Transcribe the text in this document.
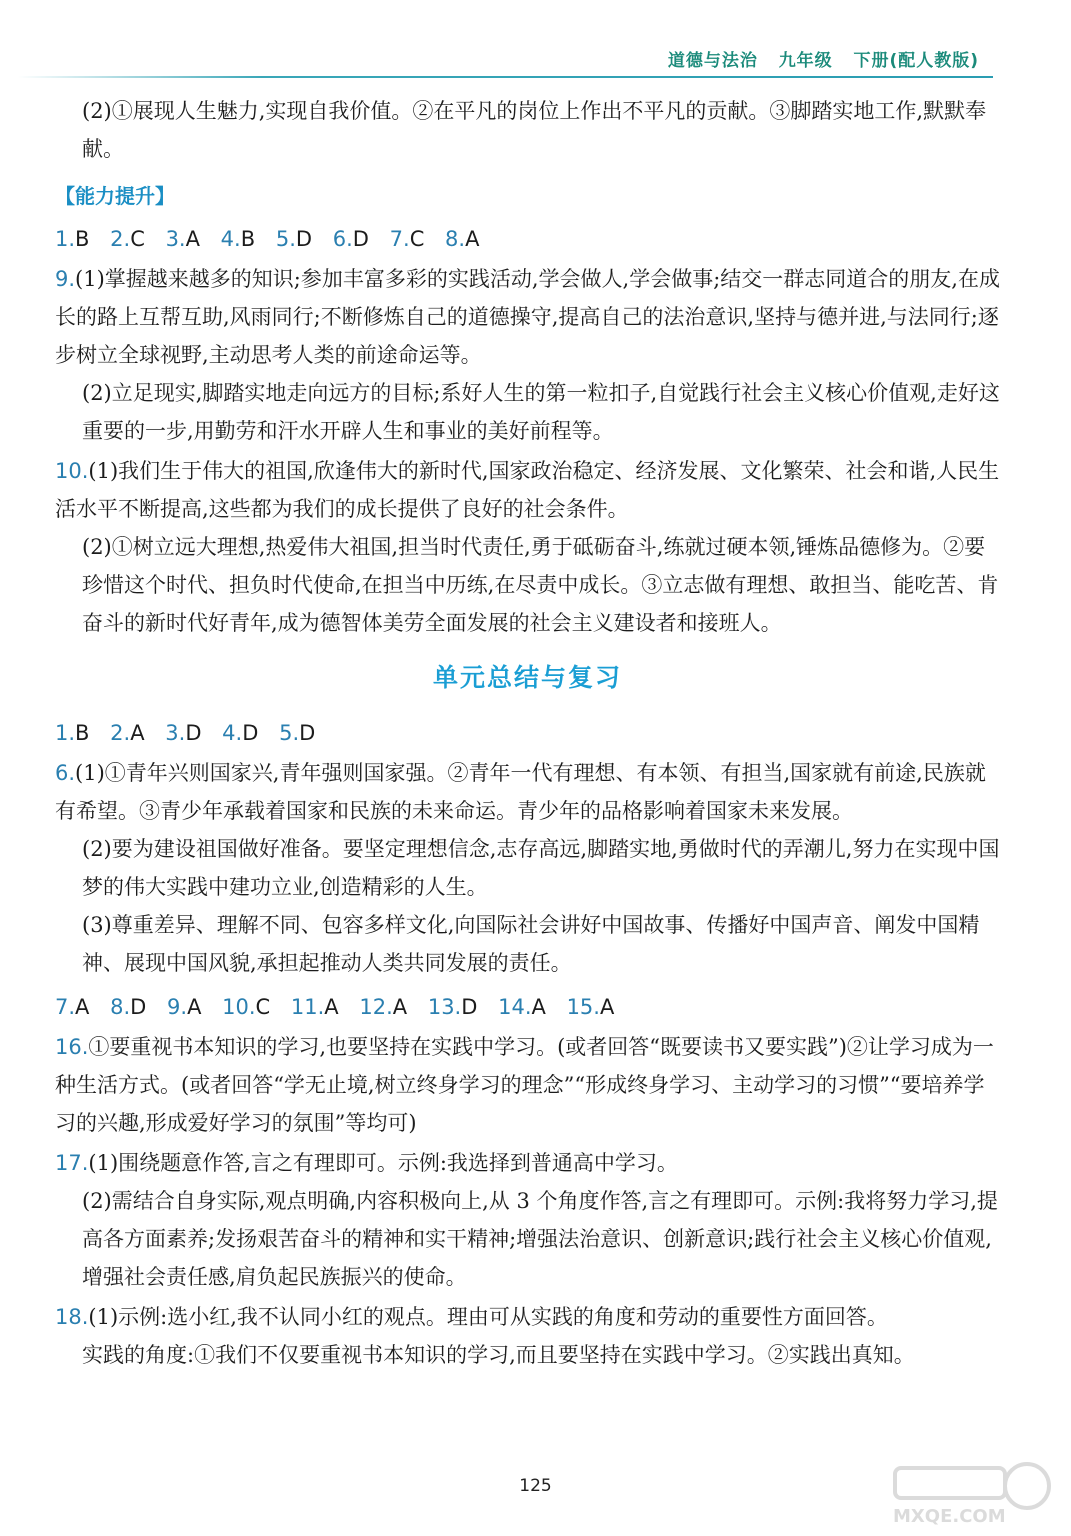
道德与法治 九年级 下册(配人教版)

(2)①展现人生魅力,实现自我价值。②在平凡的岗位上作出不平凡的贡献。③脚踏实地工作,默默奉献。

【能力提升】
1.B 2.C 3.A 4.B 5.D 6.D 7.C 8.A

9.(1)掌握越来越多的知识;参加丰富多彩的实践活动,学会做人,学会做事;结交一群志同道合的朋友,在成长的路上互帮互助,风雨同行;不断修炼自己的道德操守,提高自己的法治意识,坚持与德并进,与法同行;逐步树立全球视野,主动思考人类的前途命运等。

(2)立足现实,脚踏实地走向远方的目标;系好人生的第一粒扣子,自觉践行社会主义核心价值观,走好这重要的一步,用勤劳和汗水开辟人生和事业的美好前程等。

10.(1)我们生于伟大的祖国,欣逢伟大的新时代,国家政治稳定、经济发展、文化繁荣、社会和谐,人民生活水平不断提高,这些都为我们的成长提供了良好的社会条件。

(2)①树立远大理想,热爱伟大祖国,担当时代责任,勇于砥砺奋斗,练就过硬本领,锤炼品德修为。②要珍惜这个时代、担负时代使命,在担当中历练,在尽责中成长。③立志做有理想、敢担当、能吃苦、肯奋斗的新时代好青年,成为德智体美劳全面发展的社会主义建设者和接班人。

单元总结与复习
1.B 2.A 3.D 4.D 5.D

6.(1)①青年兴则国家兴,青年强则国家强。②青年一代有理想、有本领、有担当,国家就有前途,民族就有希望。③青少年承载着国家和民族的未来命运。青少年的品格影响着国家未来发展。

(2)要为建设祖国做好准备。要坚定理想信念,志存高远,脚踏实地,勇做时代的弄潮儿,努力在实现中国梦的伟大实践中建功立业,创造精彩的人生。

(3)尊重差异、理解不同、包容多样文化,向国际社会讲好中国故事、传播好中国声音、阐发中国精神、展现中国风貌,承担起推动人类共同发展的责任。

7.A 8.D 9.A 10.C 11.A 12.A 13.D 14.A 15.A

16.①要重视书本知识的学习,也要坚持在实践中学习。(或者回答“既要读书又要实践”)②让学习成为一种生活方式。(或者回答“学无止境,树立终身学习的理念”“形成终身学习、主动学习的习惯”“要培养学习的兴趣,形成爱好学习的氛围”等均可)

17.(1)围绕题意作答,言之有理即可。示例:我选择到普通高中学习。

(2)需结合自身实际,观点明确,内容积极向上,从 3 个角度作答,言之有理即可。示例:我将努力学习,提高各方面素养;发扬艰苦奋斗的精神和实干精神;增强法治意识、创新意识;践行社会主义核心价值观,增强社会责任感,肩负起民族振兴的使命。

18.(1)示例:选小红,我不认同小红的观点。理由可从实践的角度和劳动的重要性方面回答。

实践的角度:①我们不仅要重视书本知识的学习,而且要坚持在实践中学习。②实践出真知。

125
MXQE.COM
